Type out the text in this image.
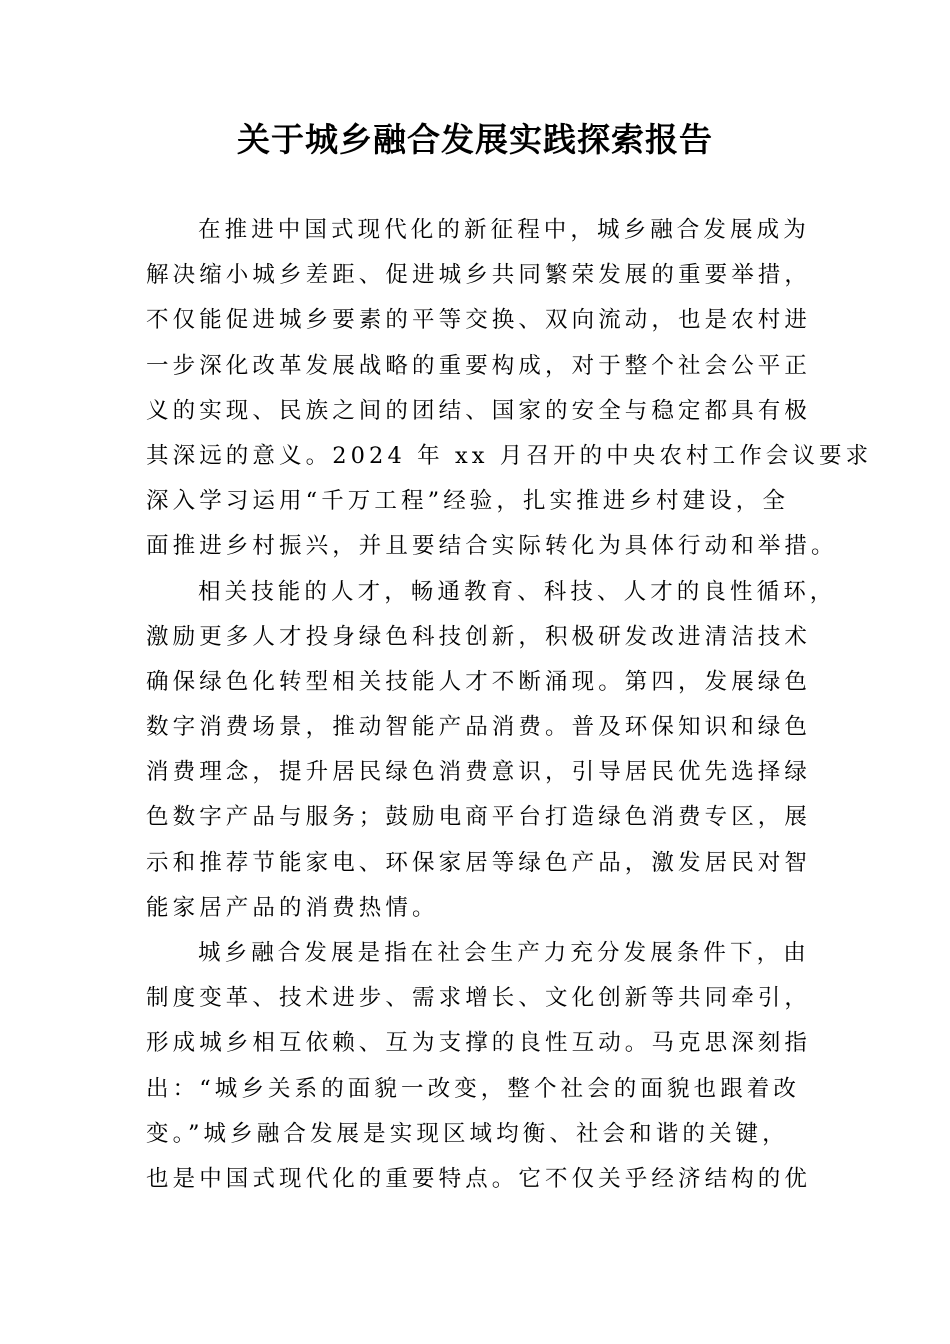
关于城乡融合发展实践探索报告
在推进中国式现代化的新征程中，城乡融合发展成为
解决缩小城乡差距、促进城乡共同繁荣发展的重要举措，
不仅能促进城乡要素的平等交换、双向流动，也是农村进
一步深化改革发展战略的重要构成，对于整个社会公平正
义的实现、民族之间的团结、国家的安全与稳定都具有极
其深远的意义。2024 年 xx 月召开的中央农村工作会议要求
深入学习运用“千万工程”经验，扎实推进乡村建设，全
面推进乡村振兴，并且要结合实际转化为具体行动和举措。
相关技能的人才，畅通教育、科技、人才的良性循环，
激励更多人才投身绿色科技创新，积极研发改进清洁技术
确保绿色化转型相关技能人才不断涌现。第四，发展绿色
数字消费场景，推动智能产品消费。普及环保知识和绿色
消费理念，提升居民绿色消费意识，引导居民优先选择绿
色数字产品与服务；鼓励电商平台打造绿色消费专区，展
示和推荐节能家电、环保家居等绿色产品，激发居民对智
能家居产品的消费热情。
城乡融合发展是指在社会生产力充分发展条件下，由
制度变革、技术进步、需求增长、文化创新等共同牵引，
形成城乡相互依赖、互为支撑的良性互动。马克思深刻指
出：“城乡关系的面貌一改变，整个社会的面貌也跟着改
变。”城乡融合发展是实现区域均衡、社会和谐的关键，
也是中国式现代化的重要特点。它不仅关乎经济结构的优
